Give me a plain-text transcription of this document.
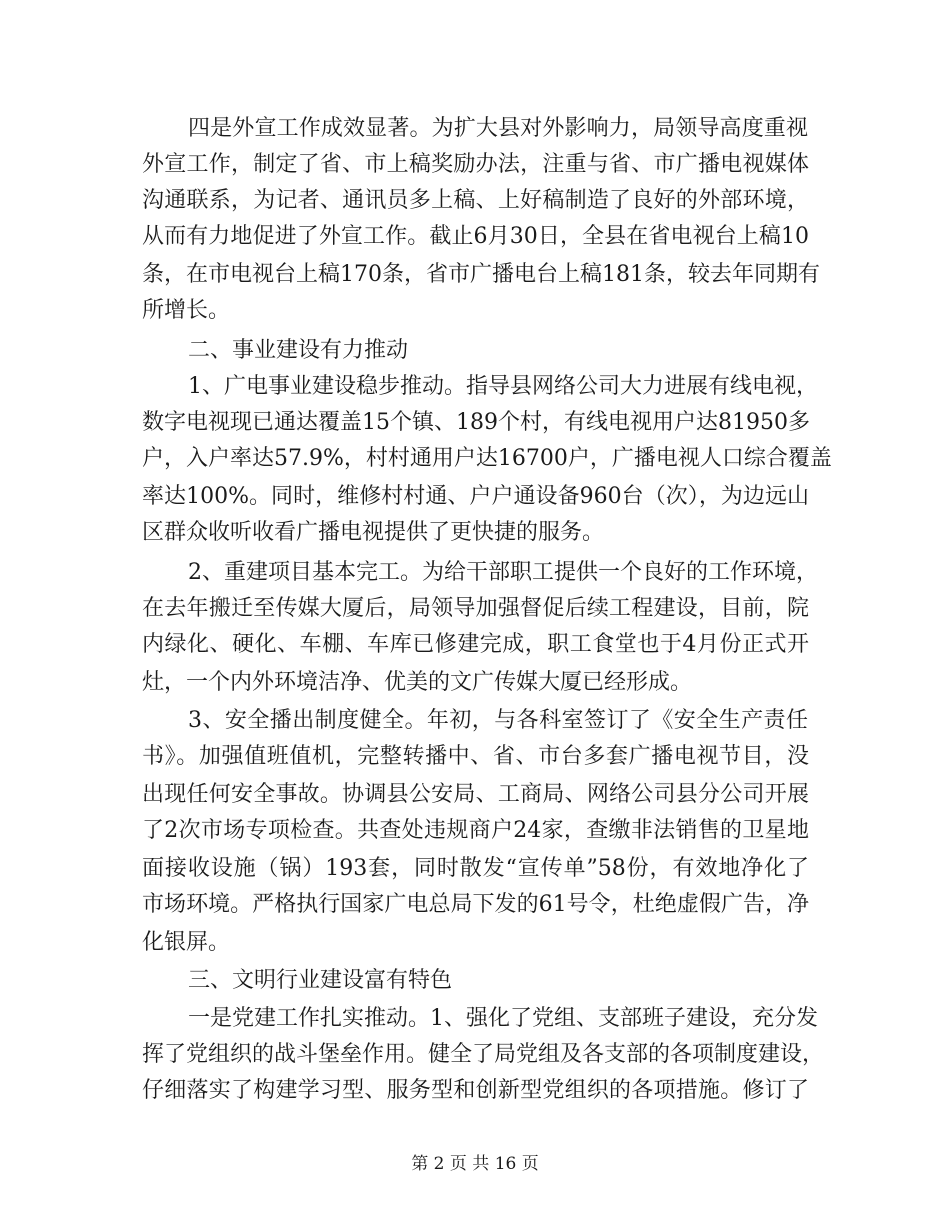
四是外宣工作成效显著。为扩大县对外影响力，局领导高度重视
外宣工作，制定了省、市上稿奖励办法，注重与省、市广播电视媒体
沟通联系，为记者、通讯员多上稿、上好稿制造了良好的外部环境，
从而有力地促进了外宣工作。截止6月30日，全县在省电视台上稿10
条，在市电视台上稿170条，省市广播电台上稿181条，较去年同期有
所增长。
二、事业建设有力推动
1、广电事业建设稳步推动。指导县网络公司大力进展有线电视，
数字电视现已通达覆盖15个镇、189个村，有线电视用户达81950多
户，入户率达57.9%，村村通用户达16700户，广播电视人口综合覆盖
率达100%。同时，维修村村通、户户通设备960台（次），为边远山
区群众收听收看广播电视提供了更快捷的服务。
2、重建项目基本完工。为给干部职工提供一个良好的工作环境，
在去年搬迁至传媒大厦后，局领导加强督促后续工程建设，目前，院
内绿化、硬化、车棚、车库已修建完成，职工食堂也于4月份正式开
灶，一个内外环境洁净、优美的文广传媒大厦已经形成。
3、安全播出制度健全。年初，与各科室签订了《安全生产责任
书》。加强值班值机，完整转播中、省、市台多套广播电视节目，没
出现任何安全事故。协调县公安局、工商局、网络公司县分公司开展
了2次市场专项检查。共查处违规商户24家，查缴非法销售的卫星地
面接收设施（锅）193套，同时散发“宣传单”58份，有效地净化了
市场环境。严格执行国家广电总局下发的61号令，杜绝虚假广告，净
化银屏。
三、文明行业建设富有特色
一是党建工作扎实推动。1、强化了党组、支部班子建设，充分发
挥了党组织的战斗堡垒作用。健全了局党组及各支部的各项制度建设，
仔细落实了构建学习型、服务型和创新型党组织的各项措施。修订了
第 2 页 共 16 页
